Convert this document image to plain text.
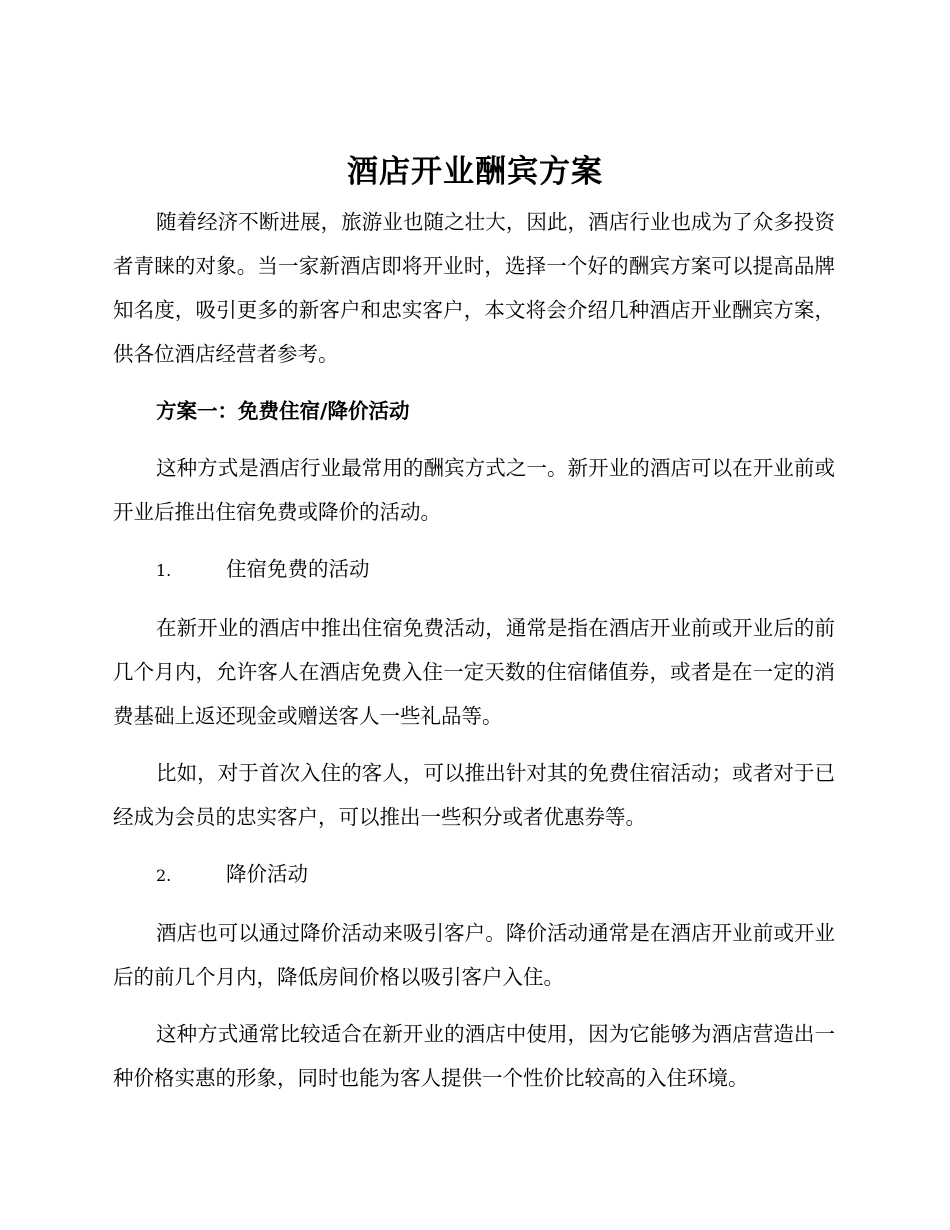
酒店开业酬宾方案

随着经济不断进展，旅游业也随之壮大，因此，酒店行业也成为了众多投资者青睐的对象。当一家新酒店即将开业时，选择一个好的酬宾方案可以提高品牌知名度，吸引更多的新客户和忠实客户，本文将会介绍几种酒店开业酬宾方案，供各位酒店经营者参考。

方案一：免费住宿/降价活动

这种方式是酒店行业最常用的酬宾方式之一。新开业的酒店可以在开业前或开业后推出住宿免费或降价的活动。

1.	住宿免费的活动

在新开业的酒店中推出住宿免费活动，通常是指在酒店开业前或开业后的前几个月内，允许客人在酒店免费入住一定天数的住宿储值券，或者是在一定的消费基础上返还现金或赠送客人一些礼品等。

比如，对于首次入住的客人，可以推出针对其的免费住宿活动；或者对于已经成为会员的忠实客户，可以推出一些积分或者优惠券等。

2.	降价活动

酒店也可以通过降价活动来吸引客户。降价活动通常是在酒店开业前或开业后的前几个月内，降低房间价格以吸引客户入住。

这种方式通常比较适合在新开业的酒店中使用，因为它能够为酒店营造出一种价格实惠的形象，同时也能为客人提供一个性价比较高的入住环境。
